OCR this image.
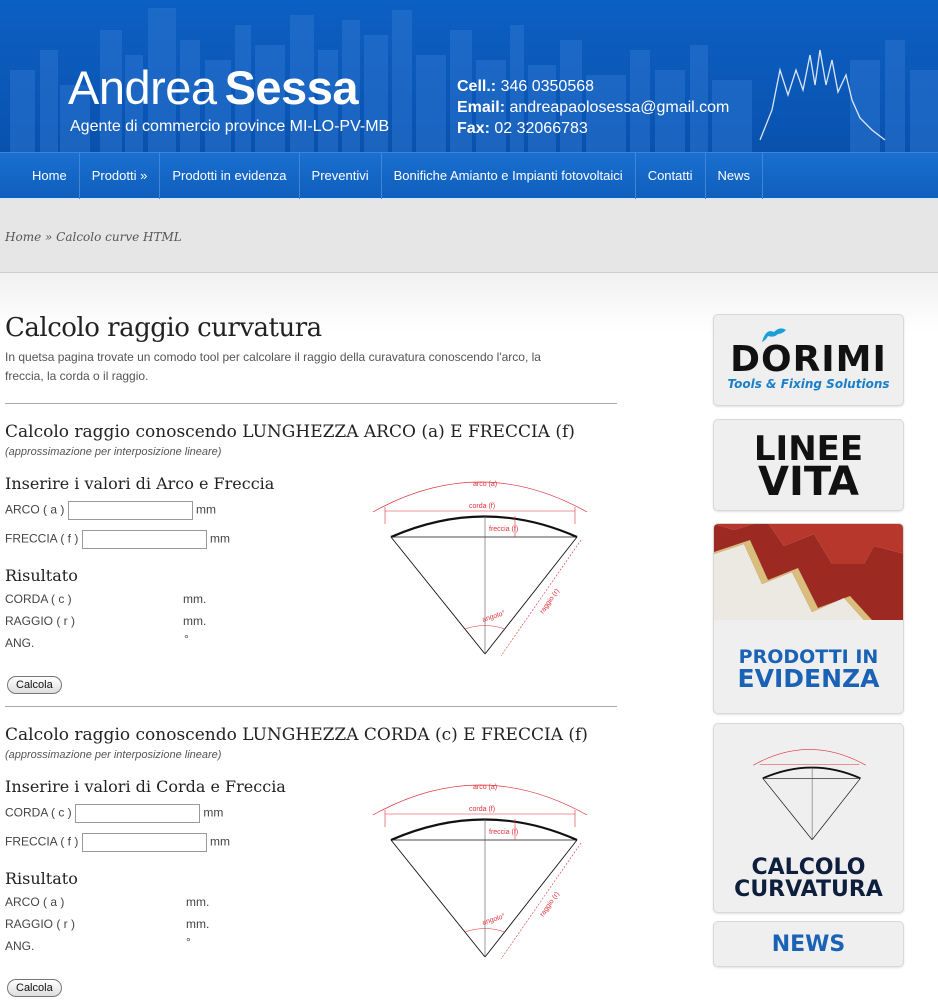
Andrea Sessa
Agente di commercio province MI-LO-PV-MB
Cell.: 346 0350568
Email: andreapaolosessa@gmail.com
Fax: 02 32066783
Home	Prodotti »	Prodotti in evidenza	Preventivi	Bonifiche Amianto e Impianti fotovoltaici	Contatti	News
Home » Calcolo curve HTML
Calcolo raggio curvatura

In quetsa pagina trovate un comodo tool per calcolare il raggio della curavatura conoscendo l'arco, la freccia, la corda o il raggio.

Calcolo raggio conoscendo LUNGHEZZA ARCO (a) E FRECCIA (f)
(approssimazione per interposizione lineare)
Inserire i valori di Arco e Freccia
ARCO ( a )	mm
FRECCIA ( f )	mm
Risultato
CORDA ( c )	mm.
RAGGIO ( r )	mm.
ANG.	°
Calcola
arco (a)
corda (f)
freccia (f)
raggio (r)
angolo°
Calcolo raggio conoscendo LUNGHEZZA CORDA (c) E FRECCIA (f)
(approssimazione per interposizione lineare)
Inserire i valori di Corda e Freccia
CORDA ( c )	mm
FRECCIA ( f )	mm
Risultato
ARCO ( a )	mm.
RAGGIO ( r )	mm.
ANG.	°
Calcola
arco (a)
corda (f)
freccia (f)
raggio (r)
angolo°
DORIMI
Tools & Fixing Solutions
LINEE
VITA
PRODOTTI IN
EVIDENZA
CALCOLO
CURVATURA
NEWS
